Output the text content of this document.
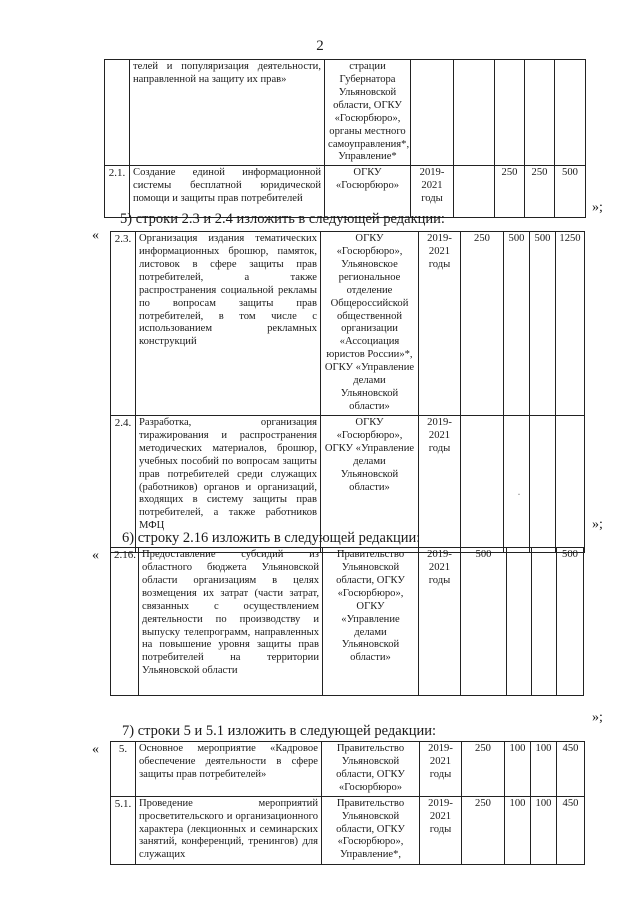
2
	телей и популяризация деятельности, направленной на защиту их прав»	страции Губернатора Ульяновской области, ОГКУ «Госюрбюро», органы местного самоуправления*, Управление*					
2.1.	Создание единой информационной системы бесплатной юридической помощи и защиты прав потребителей	ОГКУ «Госюрбюро»	2019-2021 годы		250	250	500
»;
5) строки 2.3 и 2.4 изложить в следующей редакции:
« 2.3.	Организация издания тематических информационных брошюр, памяток, листовок в сфере защиты прав потребителей, а также распространения социальной рекламы по вопросам защиты прав потребителей, в том числе с использованием рекламных конструкций	ОГКУ «Госюрбюро», Ульяновское региональное отделение Общероссийской общественной организации «Ассоциация юристов России»*, ОГКУ «Управление делами Ульяновской области»	2019-2021 годы	250	500	500	1250
2.4.	Разработка, организация тиражирования и распространения методических материалов, брошюр, учебных пособий по вопросам защиты прав потребителей среди служащих (работников) органов и организаций, входящих в систему защиты прав потребителей, а также работников МФЦ	ОГКУ «Госюрбюро», ОГКУ «Управление делами Ульяновской области»	2019-2021 годы				
·
»;
6) строку 2.16 изложить в следующей редакции:
« 2.16.	Предоставление субсидий из областного бюджета Ульяновской области организациям в целях возмещения их затрат (части затрат, связанных с осуществлением деятельности по производству и выпуску телепрограмм, направленных на повышение уровня защиты прав потребителей на территории Ульяновской области	Правительство Ульяновской области, ОГКУ «Госюрбюро», ОГКУ «Управление делами Ульяновской области»	2019-2021 годы	500			500
»;
7) строки 5 и 5.1 изложить в следующей редакции:
« 5.	Основное мероприятие «Кадровое обеспечение деятельности в сфере защиты прав потребителей»	Правительство Ульяновской области, ОГКУ «Госюрбюро»	2019-2021 годы	250	100	100	450
5.1.	Проведение мероприятий просветительского и организационного характера (лекционных и семинарских занятий, конференций, тренингов) для служащих	Правительство Ульяновской области, ОГКУ «Госюрбюро», Управление*,	2019-2021 годы	250	100	100	450
